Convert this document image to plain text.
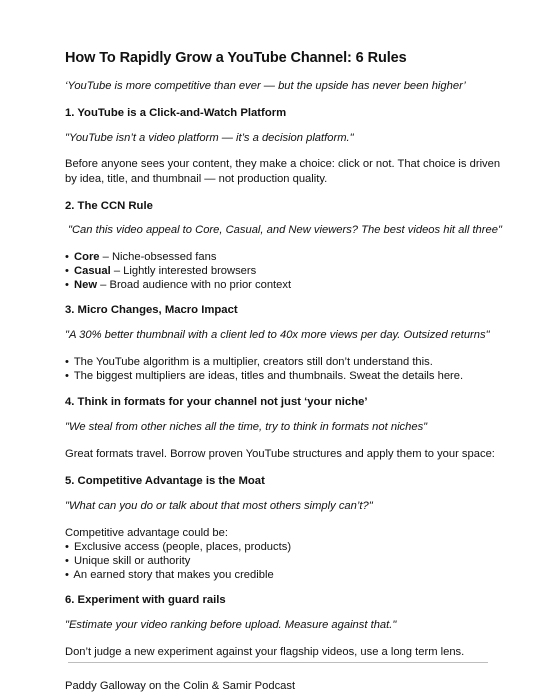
How To Rapidly Grow a YouTube Channel: 6 Rules
‘YouTube is more competitive than ever — but the upside has never been higher’
1. YouTube is a Click-and-Watch Platform
"YouTube isn’t a video platform — it’s a decision platform."
Before anyone sees your content, they make a choice: click or not. That choice is driven by idea, title, and thumbnail — not production quality.
2. The CCN Rule
"Can this video appeal to Core, Casual, and New viewers? The best videos hit all three"
• Core – Niche-obsessed fans
• Casual – Lightly interested browsers
• New – Broad audience with no prior context
3. Micro Changes, Macro Impact
"A 30% better thumbnail with a client led to 40x more views per day. Outsized returns"
• The YouTube algorithm is a multiplier, creators still don’t understand this.
• The biggest multipliers are ideas, titles and thumbnails. Sweat the details here.
4. Think in formats for your channel not just ‘your niche’
"We steal from other niches all the time, try to think in formats not niches"
Great formats travel. Borrow proven YouTube structures and apply them to your space:
5. Competitive Advantage is the Moat
"What can you do or talk about that most others simply can’t?"
Competitive advantage could be:
• Exclusive access (people, places, products)
• Unique skill or authority
• An earned story that makes you credible
6. Experiment with guard rails
"Estimate your video ranking before upload. Measure against that."
Don’t judge a new experiment against your flagship videos, use a long term lens.
Paddy Galloway on the Colin & Samir Podcast
